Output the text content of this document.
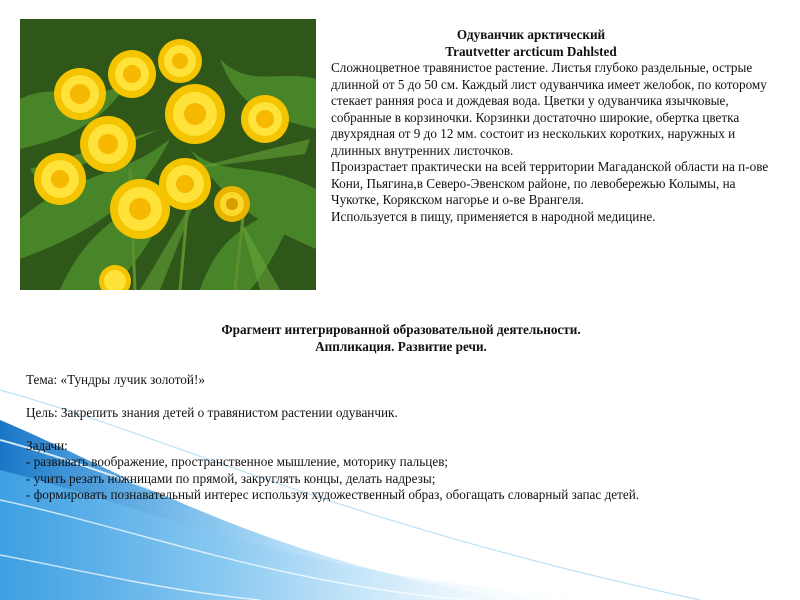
Одуванчик арктический
Trautvetter arcticum Dahlsted

Сложноцветное травянистое растение. Листья глубоко раздельные, острые длинной от 5 до 50 см. Каждый лист одуванчика имеет желобок, по которому стекает ранняя роса и дождевая вода. Цветки у одуванчика язычковые, собранные в корзиночки. Корзинки достаточно широкие, обертка цветка двухрядная от 9 до 12 мм. состоит из нескольких коротких, наружных и длинных внутренних листочков.

Произрастает практически на всей территории Магаданской области на п-ове Кони, Пьягина,в Северо-Эвенском районе, по левобережью Колымы, на Чукотке, Корякском нагорье и о-ве Врангеля.

Используется в пищу, применяется в народной медицине.

Фрагмент интегрированной образовательной деятельности.
Аппликация. Развитие речи.
Тема: «Тундры лучик золотой!»
Цель: Закрепить знания детей о травянистом растении одуванчик.
Задачи:
- развивать воображение, пространственное мышление, моторику пальцев;
- учить резать ножницами по прямой, закруглять концы, делать надрезы;
- формировать познавательный интерес используя художественный образ, обогащать словарный запас детей.
